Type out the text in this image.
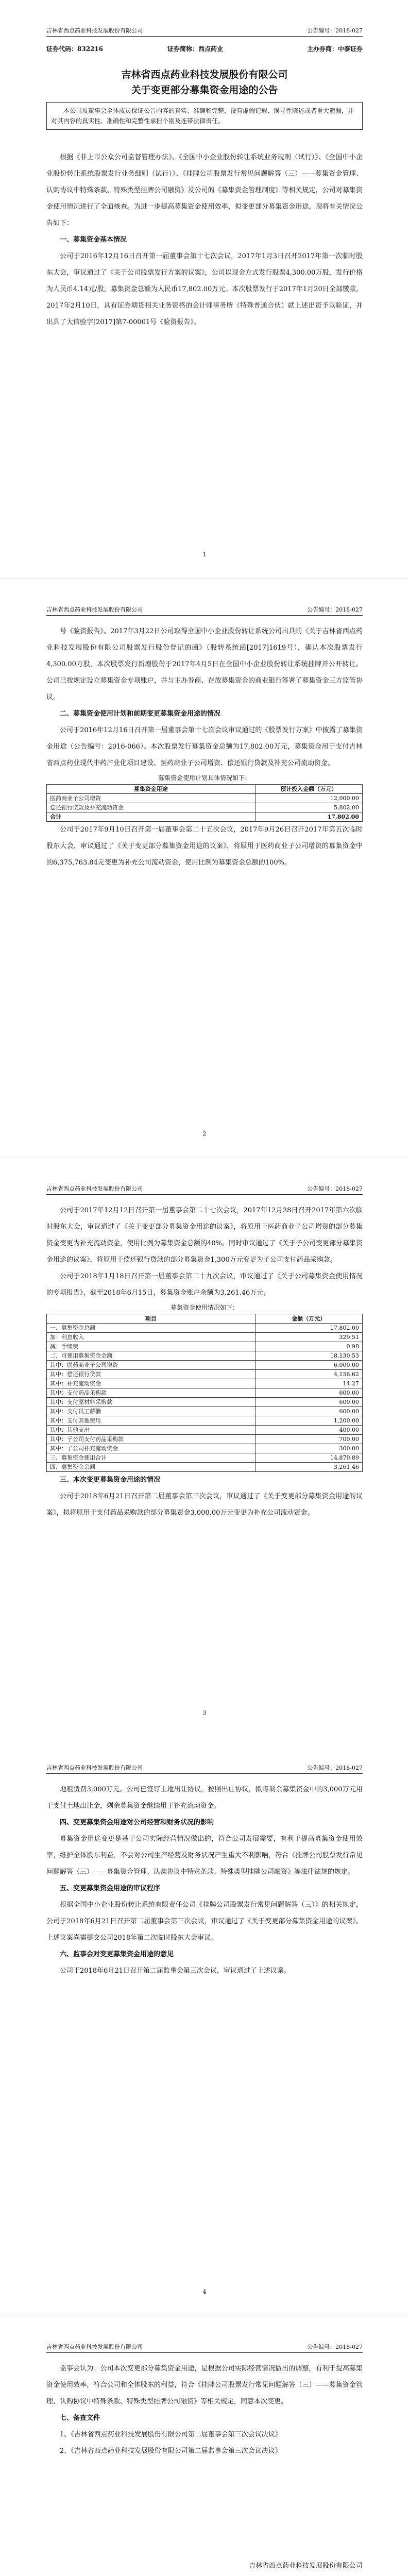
吉林省西点药业科技发展股份有限公司	公告编号：2018-027
证券代码：832216	证券简称：西点药业	主办券商：中泰证券
吉林省西点药业科技发展股份有限公司
关于变更部分募集资金用途的公告
本公司及董事会全体成员保证公告内容的真实、准确和完整，没有虚假记载、误导性陈述或者重大遗漏，并对其内容的真实性、准确性和完整性承担个别及连带法律责任。

根据《非上市公众公司监督管理办法》、《全国中小企业股份转让系统业务规则（试行）》、《全国中小企业股份转让系统股票发行业务细则（试行）》、《挂牌公司股票发行常见问题解答（三）——募集资金管理、认购协议中特殊条款、特殊类型挂牌公司融资》及公司的《募集资金管理制度》等相关规定，公司对募集资金使用情况进行了全面核查。为进一步提高募集资金使用效率，拟变更部分募集资金用途，现将有关情况公告如下：

一、募集资金基本情况

公司于2016年12月16日召开第一届董事会第十七次会议，2017年1月3日召开2017年第一次临时股东大会，审议通过了《关于公司股票发行方案的议案》，公司以现金方式发行股票4,300.00万股，发行价格为人民币4.14元/股，募集资金总额为人民币17,802.00万元。本次股票发行于2017年1月20日全部缴款，2017年2月10日，具有证券期货相关业务资格的会计师事务所（特殊普通合伙）就上述出资予以验证，并出具了大信验字[2017]第7-00001号《验资报告》。

1
吉林省西点药业科技发展股份有限公司	公告编号：2018-027

号《验资报告》。2017年3月22日公司取得全国中小企业股份转让系统公司出具的《关于吉林省西点药业科技发展股份有限公司股票发行股份登记的函》（股转系统函[2017]1619号），确认本次股票发行4,300.00万股，本次股票发行新增股份于2017年4月5日在全国中小企业股份转让系统挂牌并公开转让。公司已按规定设立募集资金专项账户，并与主办券商、存放募集资金的商业银行签署了募集资金三方监管协议。

二、募集资金使用计划和前期变更募集资金用途的情况

公司于2016年12月16日召开第一届董事会第十七次会议审议通过的《股票发行方案》中披露了募集资金用途（公告编号：2016-066）。本次股票发行募集资金总额为17,802.00万元，募集资金用于支付吉林省西点药业现代中药产业化项目建设、医药商业子公司增资、偿还银行贷款及补充公司流动资金。

募集资金使用计划具体情况如下：
募集资金用途	预计投入金额（万元）
医药商业子公司增资	12,000.00
偿还银行贷款及补充流动资金	5,802.00
合计	17,802.00

公司于2017年9月10日召开第一届董事会第二十五次会议，2017年9月26日召开2017年第五次临时股东大会，审议通过了《关于变更部分募集资金用途的议案》，将原用于医药商业子公司增资的募集资金中的6,375,763.84元变更为补充公司流动资金，使用比例为募集资金总额的100%。

2
吉林省西点药业科技发展股份有限公司	公告编号：2018-027

公司于2017年12月12日召开第一届董事会第二十七次会议，2017年12月28日召开2017年第六次临时股东大会，审议通过了《关于变更部分募集资金用途的议案》，将原用于医药商业子公司增资的部分募集资金变更为补充流动资金，使用比例为募集资金总额的40%。同时审议通过了《关于子公司变更部分募集资金用途的议案》，将原用于偿还银行贷款的部分募集资金1,300万元变更为子公司支付药品采购款。

公司于2018年1月18日召开第一届董事会第二十九次会议，审议通过了《关于公司募集资金使用情况的专项报告》，截至2018年6月15日，募集资金账户余额为3,261.46万元。

募集资金使用情况如下：
项目	金额（万元）
一、募集资金总额	17,802.00
加：利息收入	329.51
减：手续费	0.98
二、可使用募集资金金额	18,130.53
其中：医药商业子公司增资	6,000.00
其中：偿还银行贷款	4,156.62
其中：补充流动资金	14.27
其中：支付药品采购款	600.00
其中：支付原材料采购款	600.00
其中：支付员工薪酬	600.00
其中：支付其他费用	1,200.00
其中：其他支出	400.00
其中：子公司支付药品采购款	700.00
其中：子公司补充流动资金	300.00
三、募集资金使用合计	14,870.89
四、募集资金余额	3,261.46
三、本次变更募集资金用途的情况

公司于2018年6月21日召开第二届董事会第三次会议，审议通过了《关于变更部分募集资金用途的议案》，拟将原用于支付药品采购款的部分募集资金3,000.00万元变更为补充公司流动资金。

3
吉林省西点药业科技发展股份有限公司	公告编号：2018-027

地租赁费3,000万元。公司已签订土地出让协议，按照出让协议，拟将剩余募集资金中的3,000万元用于支付土地出让金，剩余募集资金继续用于补充流动资金。

四、变更募集资金用途对公司经营和财务状况的影响

募集资金用途变更是基于公司实际经营情况做出的，符合公司发展需要，有利于提高募集资金使用效率，维护全体股东利益，不会对公司生产经营及财务状况产生重大不利影响，符合《挂牌公司股票发行常见问题解答（三）——募集资金管理、认购协议中特殊条款、特殊类型挂牌公司融资》等法律法规的规定。

五、变更募集资金用途的审议程序

根据全国中小企业股份转让系统有限责任公司《挂牌公司股票发行常见问题解答（三）》的相关规定，公司于2018年6月21日召开第二届董事会第三次会议，审议通过了《关于变更部分募集资金用途的议案》。上述议案尚需提交公司2018年第二次临时股东大会审议。

六、监事会对变更募集资金用途的意见

公司于2018年6月21日召开第二届监事会第三次会议，审议通过了上述议案。

4
吉林省西点药业科技发展股份有限公司	公告编号：2018-027

监事会认为：公司本次变更部分募集资金用途，是根据公司实际经营情况做出的调整，有利于提高募集资金使用效率，符合公司和全体股东的利益，符合《挂牌公司股票发行常见问题解答（三）——募集资金管理、认购协议中特殊条款、特殊类型挂牌公司融资》等相关规定，同意本次变更。

七、备查文件

1、《吉林省西点药业科技发展股份有限公司第二届董事会第三次会议决议》

2、《吉林省西点药业科技发展股份有限公司第二届监事会第三次会议决议》

吉林省西点药业科技发展股份有限公司
